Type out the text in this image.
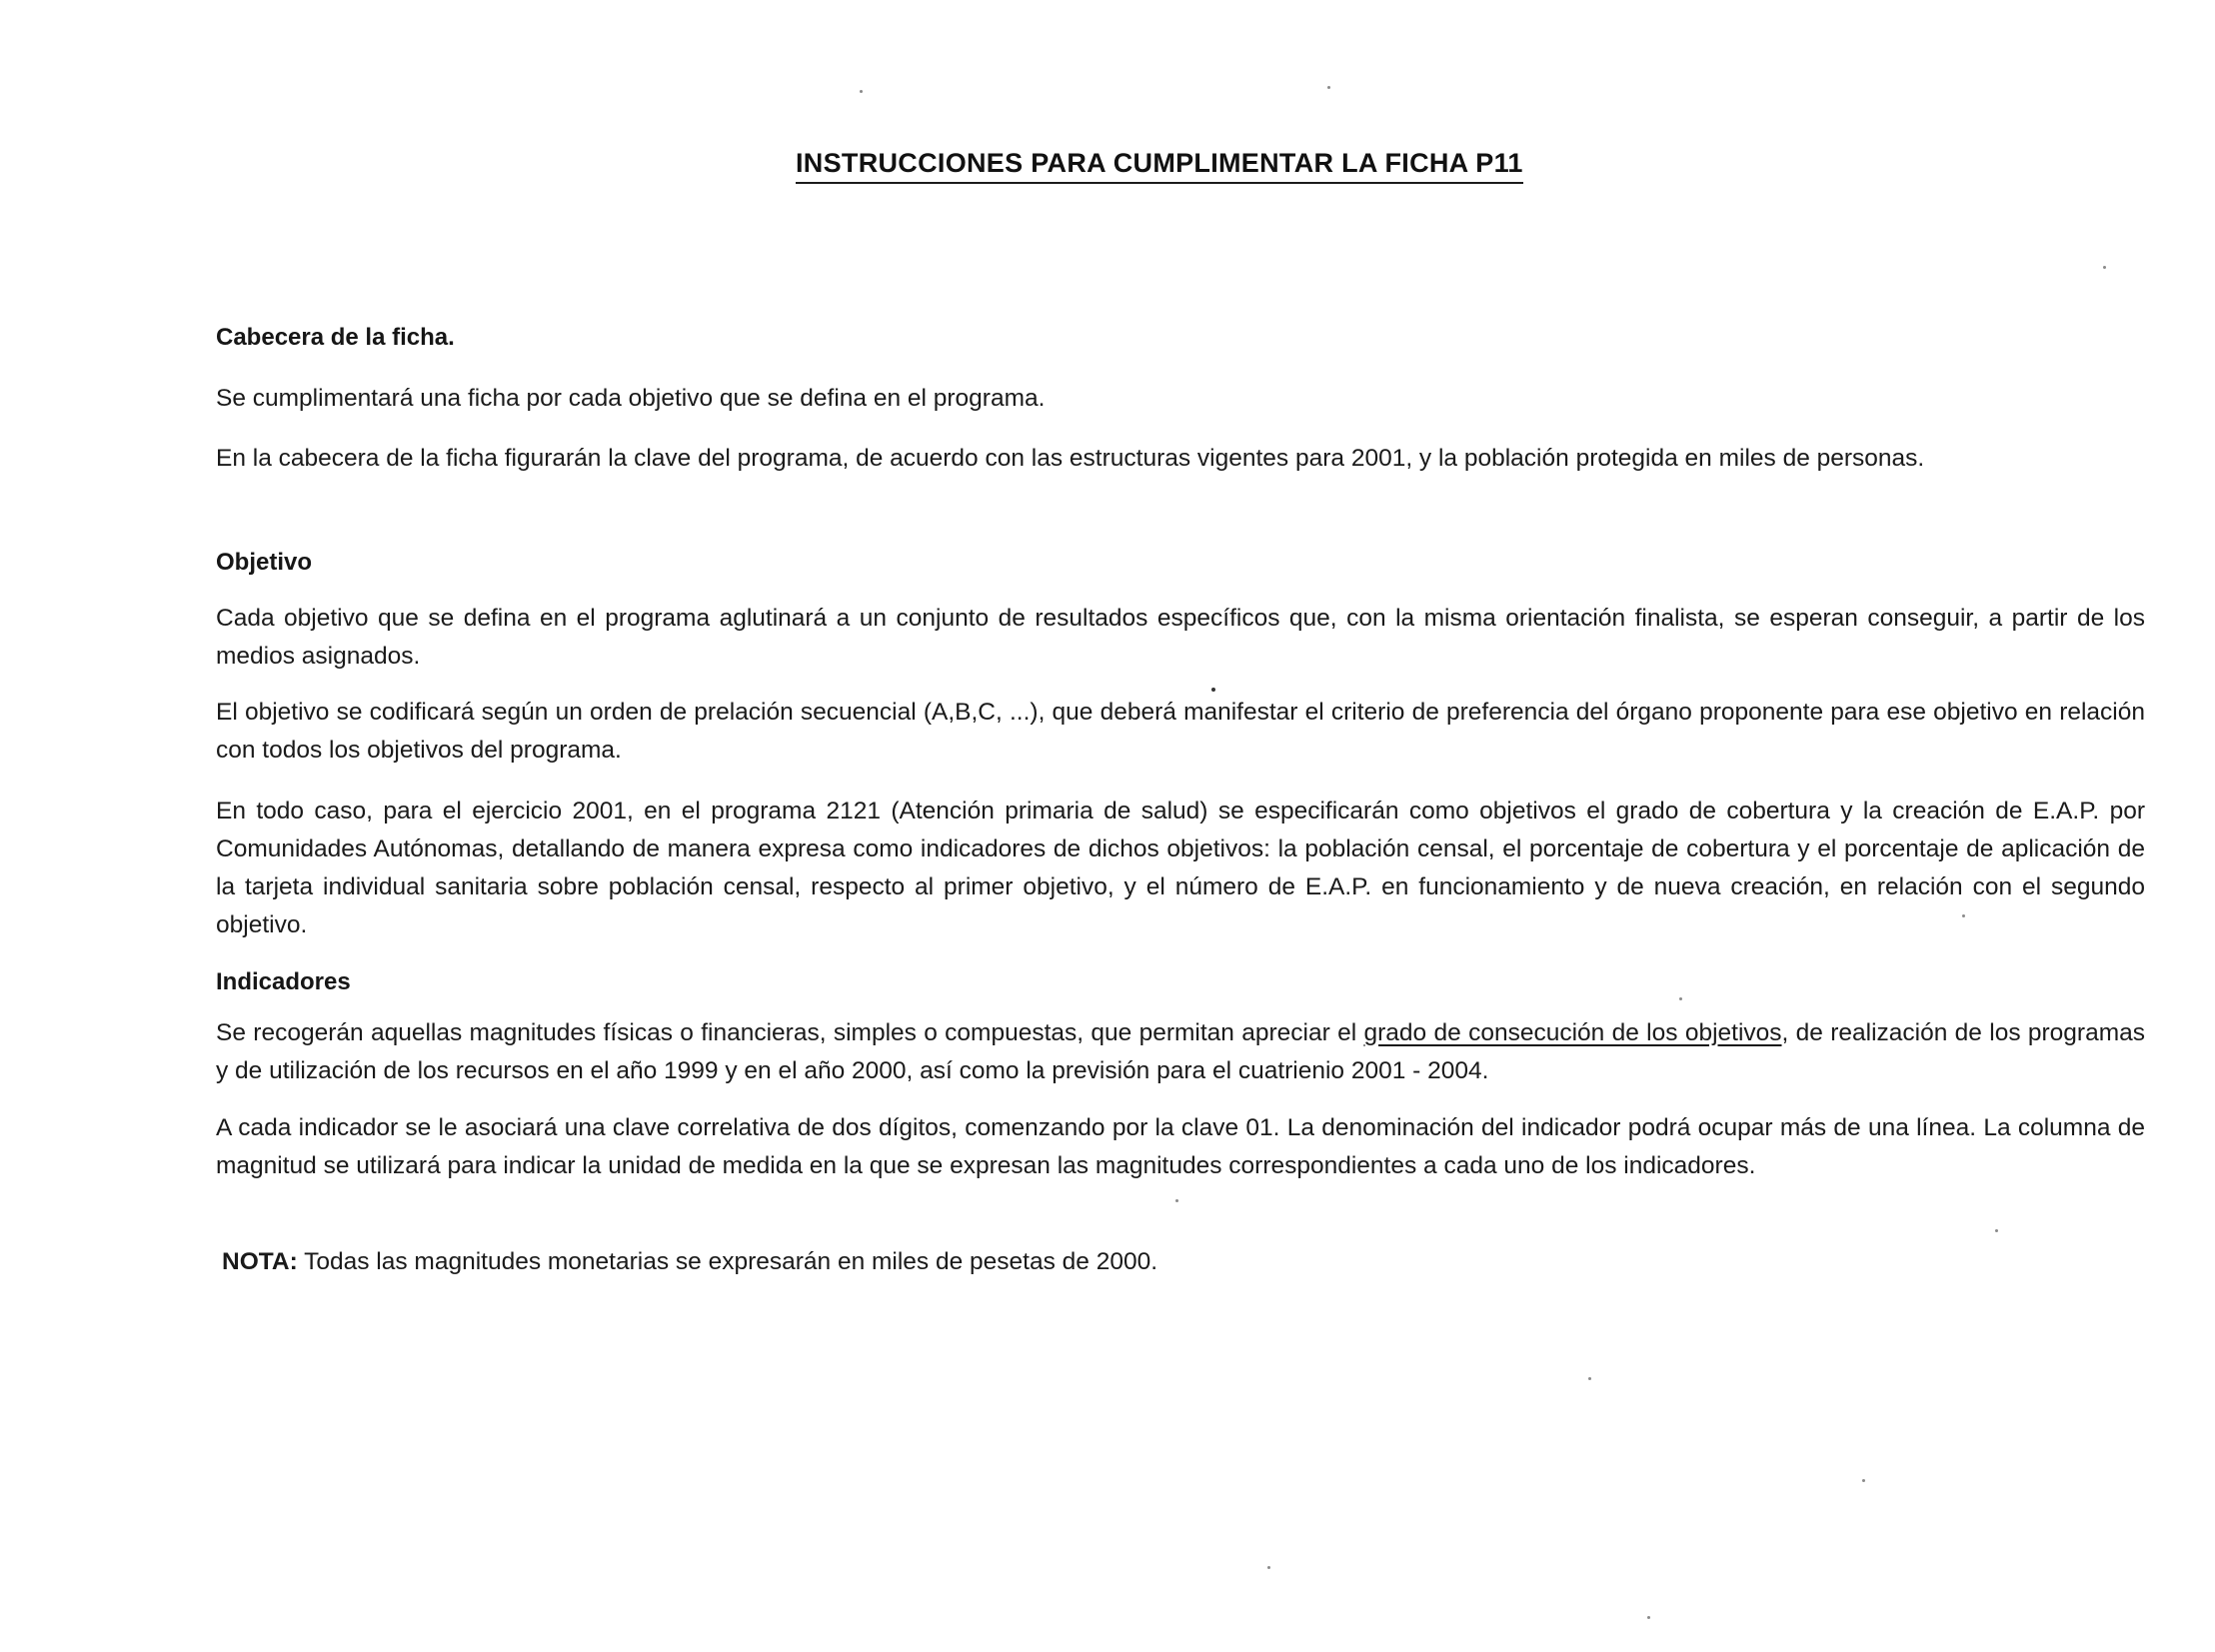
INSTRUCCIONES PARA CUMPLIMENTAR LA FICHA P11
Cabecera de la ficha.
Se cumplimentará una ficha por cada objetivo que se defina en el programa.
En la cabecera de la ficha figurarán la clave del programa, de acuerdo con las estructuras vigentes para 2001, y la población protegida en miles de personas.
Objetivo
Cada objetivo que se defina en el programa aglutinará a un conjunto de resultados específicos que, con la misma orientación finalista, se esperan conseguir, a partir de los medios asignados.
El objetivo se codificará según un orden de prelación secuencial (A,B,C, ...), que deberá manifestar el criterio de preferencia del órgano proponente para ese objetivo en relación con todos los objetivos del programa.
En todo caso, para el ejercicio 2001, en el programa 2121 (Atención primaria de salud) se especificarán como objetivos el grado de cobertura y la creación de E.A.P. por Comunidades Autónomas, detallando de manera expresa como indicadores de dichos objetivos: la población censal, el porcentaje de cobertura y el porcentaje de aplicación de la tarjeta individual sanitaria sobre población censal, respecto al primer objetivo, y el número de E.A.P. en funcionamiento y de nueva creación, en relación con el segundo objetivo.
Indicadores
Se recogerán aquellas magnitudes físicas o financieras, simples o compuestas, que permitan apreciar el grado de consecución de los objetivos, de realización de los programas y de utilización de los recursos en el año 1999 y en el año 2000, así como la previsión para el cuatrienio 2001 - 2004.
A cada indicador se le asociará una clave correlativa de dos dígitos, comenzando por la clave 01. La denominación del indicador podrá ocupar más de una línea. La columna de magnitud se utilizará para indicar la unidad de medida en la que se expresan las magnitudes correspondientes a cada uno de los indicadores.
NOTA: Todas las magnitudes monetarias se expresarán en miles de pesetas de 2000.
